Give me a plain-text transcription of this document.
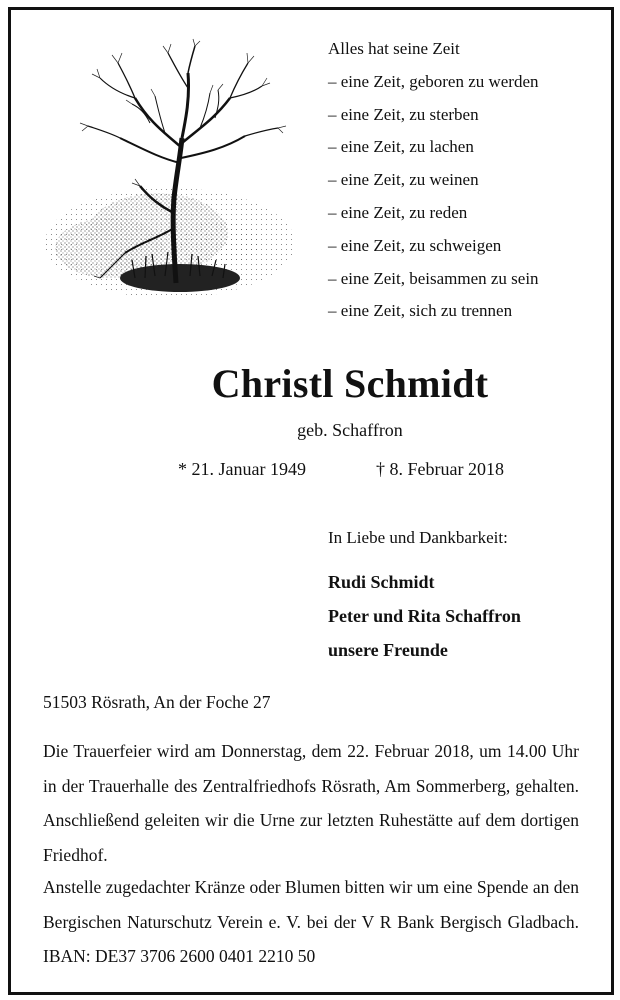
Alles hat seine Zeit
– eine Zeit, geboren zu werden
– eine Zeit, zu sterben
– eine Zeit, zu lachen
– eine Zeit, zu weinen
– eine Zeit, zu reden
– eine Zeit, zu schweigen
– eine Zeit, beisammen zu sein
– eine Zeit, sich zu trennen
Christl Schmidt
geb. Schaffron
* 21. Januar 1949	† 8. Februar 2018
In Liebe und Dankbarkeit:
Rudi Schmidt
Peter und Rita Schaffron
unsere Freunde
51503 Rösrath, An der Foche 27
Die Trauerfeier wird am Donnerstag, dem 22. Februar 2018, um 14.00 Uhr in der Trauerhalle des Zentralfriedhofs Rösrath, Am Sommerberg, gehalten. Anschließend geleiten wir die Urne zur letzten Ruhestätte auf dem dortigen Friedhof.
Anstelle zugedachter Kränze oder Blumen bitten wir um eine Spende an den Bergischen Naturschutz Verein e. V. bei der V R Bank Bergisch Gladbach. IBAN: DE37 3706 2600 0401 2210 50
